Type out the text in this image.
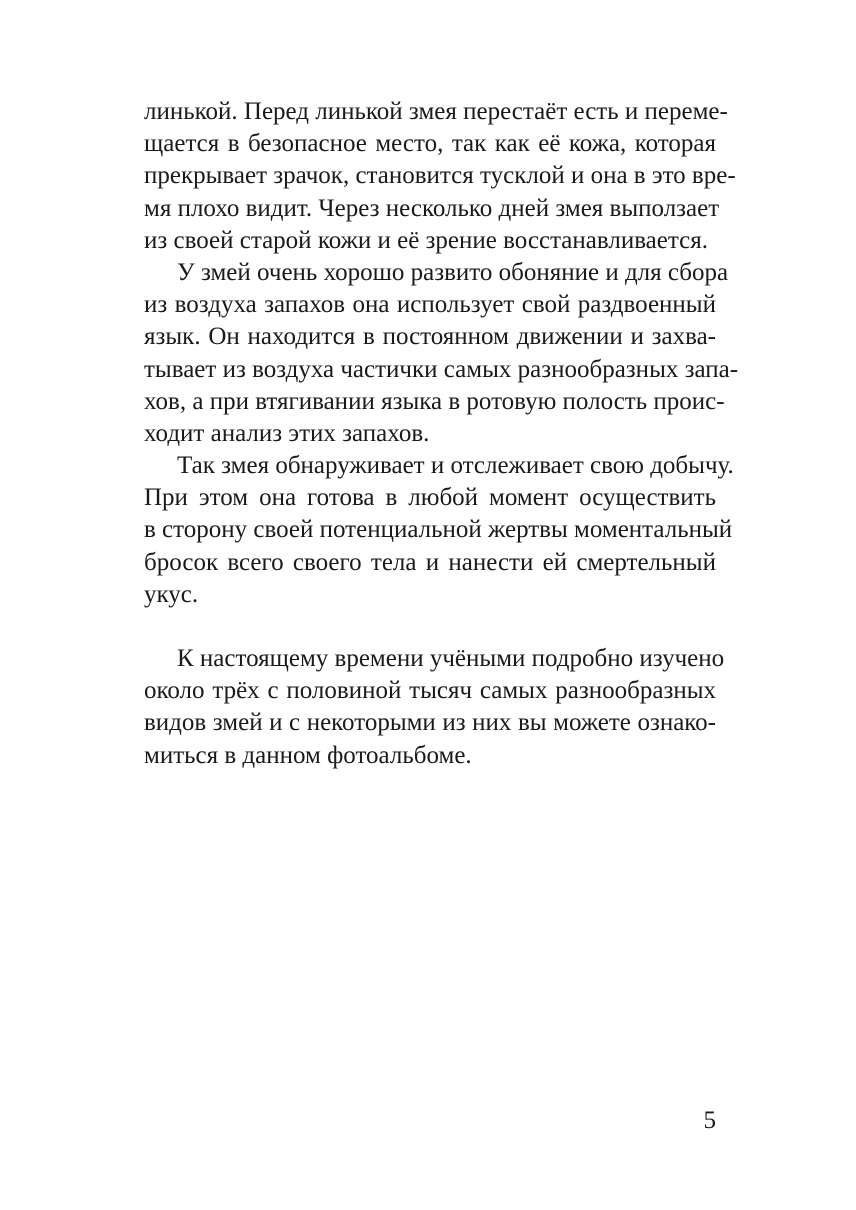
линькой. Перед линькой змея перестаёт есть и переме-
щается в безопасное место, так как её кожа, которая
прекрывает зрачок, становится тусклой и она в это вре-
мя плохо видит. Через несколько дней змея выползает
из своей старой кожи и её зрение восстанавливается.
У змей очень хорошо развито обоняние и для сбора
из воздуха запахов она использует свой раздвоенный
язык. Он находится в постоянном движении и захва-
тывает из воздуха частички самых разнообразных запа-
хов, а при втягивании языка в ротовую полость проис-
ходит анализ этих запахов.
Так змея обнаруживает и отслеживает свою добычу.
При этом она готова в любой момент осуществить
в сторону своей потенциальной жертвы моментальный
бросок всего своего тела и нанести ей смертельный
укус.
К настоящему времени учёными подробно изучено
около трёх с половиной тысяч самых разнообразных
видов змей и с некоторыми из них вы можете ознако-
миться в данном фотоальбоме.
5
